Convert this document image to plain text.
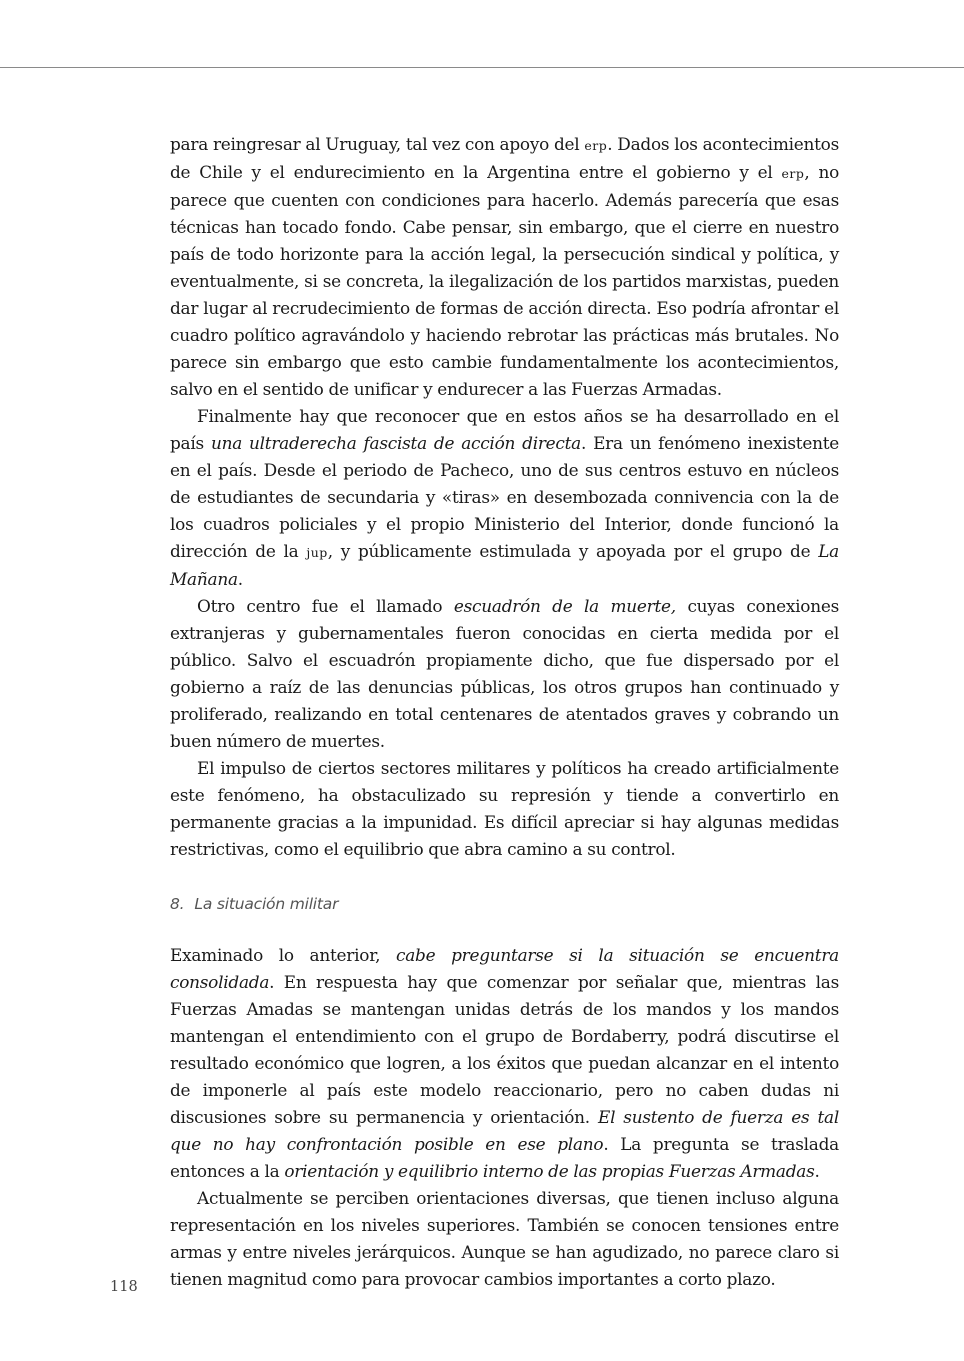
para reingresar al Uruguay, tal vez con apoyo del erp. Dados los acontecimientos de Chile y el endurecimiento en la Argentina entre el gobierno y el erp, no parece que cuenten con condiciones para hacerlo. Además parecería que esas técnicas han tocado fondo. Cabe pensar, sin embargo, que el cierre en nuestro país de todo horizonte para la acción legal, la persecución sindical y política, y eventualmente, si se concreta, la ilegalización de los partidos marxistas, pueden dar lugar al recrudecimiento de formas de acción directa. Eso podría afrontar el cuadro político agravándolo y haciendo rebrotar las prácticas más brutales. No parece sin embargo que esto cambie fundamentalmente los acontecimientos, salvo en el sentido de unificar y endurecer a las Fuerzas Armadas.

Finalmente hay que reconocer que en estos años se ha desarrollado en el país una ultraderecha fascista de acción directa. Era un fenómeno inexistente en el país. Desde el periodo de Pacheco, uno de sus centros estuvo en núcleos de estudiantes de secundaria y «tiras» en desembozada connivencia con la de los cuadros policiales y el propio Ministerio del Interior, donde funcionó la dirección de la jup, y públicamente estimulada y apoyada por el grupo de La Mañana.

Otro centro fue el llamado escuadrón de la muerte, cuyas conexiones extranjeras y gubernamentales fueron conocidas en cierta medida por el público. Salvo el escuadrón propiamente dicho, que fue dispersado por el gobierno a raíz de las denuncias públicas, los otros grupos han continuado y proliferado, realizando en total centenares de atentados graves y cobrando un buen número de muertes.

El impulso de ciertos sectores militares y políticos ha creado artificialmente este fenómeno, ha obstaculizado su represión y tiende a convertirlo en permanente gracias a la impunidad. Es difícil apreciar si hay algunas medidas restrictivas, como el equilibrio que abra camino a su control.

8. La situación militar

Examinado lo anterior, cabe preguntarse si la situación se encuentra consolidada. En respuesta hay que comenzar por señalar que, mientras las Fuerzas Amadas se mantengan unidas detrás de los mandos y los mandos mantengan el entendimiento con el grupo de Bordaberry, podrá discutirse el resultado económico que logren, a los éxitos que puedan alcanzar en el intento de imponerle al país este modelo reaccionario, pero no caben dudas ni discusiones sobre su permanencia y orientación. El sustento de fuerza es tal que no hay confrontación posible en ese plano. La pregunta se traslada entonces a la orientación y equilibrio interno de las propias Fuerzas Armadas.

Actualmente se perciben orientaciones diversas, que tienen incluso alguna representación en los niveles superiores. También se conocen tensiones entre armas y entre niveles jerárquicos. Aunque se han agudizado, no parece claro si tienen magnitud como para provocar cambios importantes a corto plazo.

118
